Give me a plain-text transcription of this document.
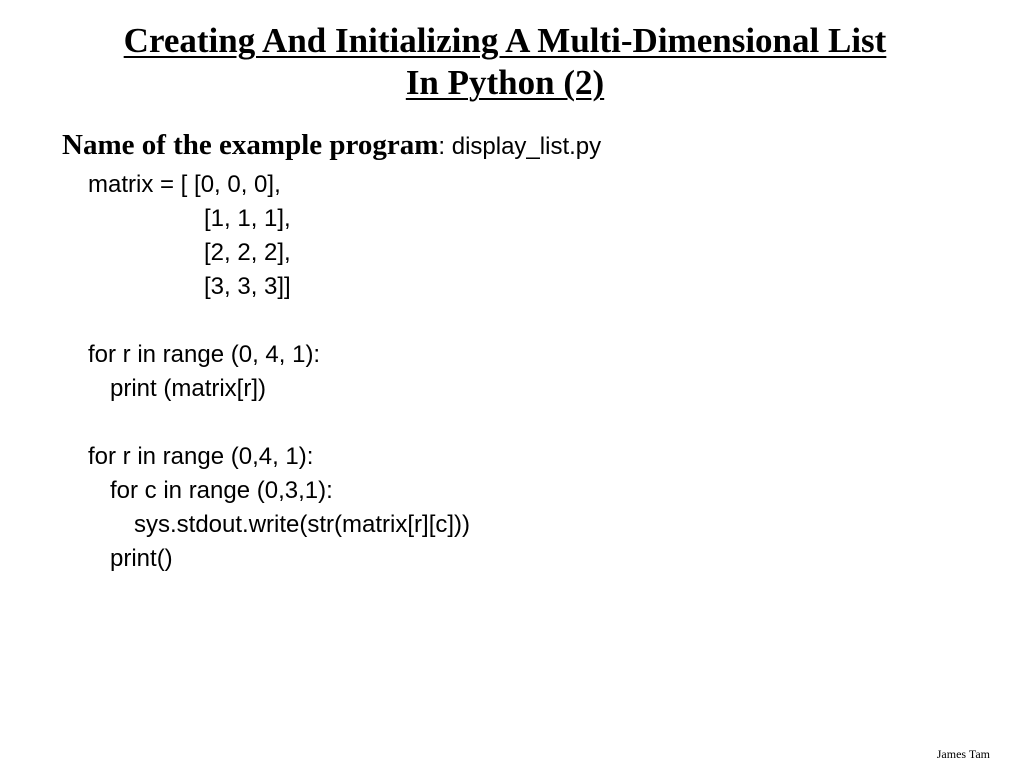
Creating And Initializing A Multi-Dimensional List
In Python (2)
Name of the example program: display_list.py
matrix = [ [0, 0, 0],
[1, 1, 1],
[2, 2, 2],
[3, 3, 3]]
for r in range (0, 4, 1):
print (matrix[r])
for r in range (0,4, 1):
for c in range (0,3,1):
sys.stdout.write(str(matrix[r][c]))
print()
James Tam
